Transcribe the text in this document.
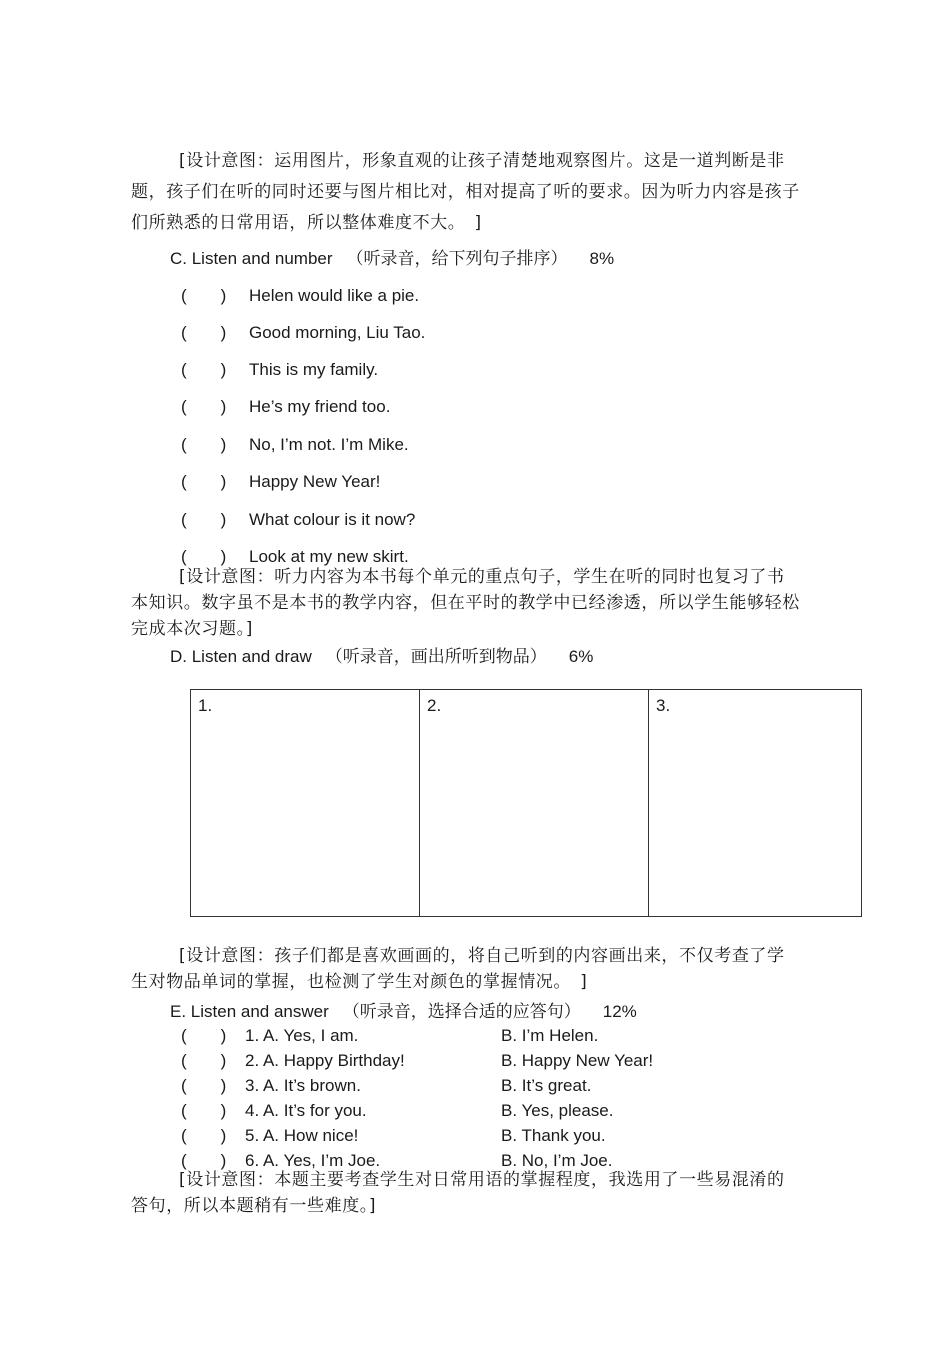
[设计意图：运用图片，形象直观的让孩子清楚地观察图片。这是一道判断是非题，孩子们在听的同时还要与图片相比对，相对提高了听的要求。因为听力内容是孩子们所熟悉的日常用语，所以整体难度不大。　]
C. Listen and number （听录音，给下列句子排序） 8%
(　　) Helen would like a pie.
(　　) Good morning, Liu Tao.
(　　) This is my family.
(　　) He’s my friend too.
(　　) No, I’m not. I’m Mike.
(　　) Happy New Year!
(　　) What colour is it now?
(　　) Look at my new skirt.
[设计意图：听力内容为本书每个单元的重点句子，学生在听的同时也复习了书本知识。数字虽不是本书的教学内容，但在平时的教学中已经渗透，所以学生能够轻松完成本次习题。]
D. Listen and draw （听录音，画出所听到物品） 6%
1.	2.	3.
[设计意图：孩子们都是喜欢画画的，将自己听到的内容画出来，不仅考查了学生对物品单词的掌握，也检测了学生对颜色的掌握情况。　]
E. Listen and answer （听录音，选择合适的应答句） 12%
(　　) 1. A. Yes, I am.	B. I’m Helen.
(　　) 2. A. Happy Birthday!	B. Happy New Year!
(　　) 3. A. It’s brown.	B. It’s great.
(　　) 4. A. It’s for you.	B. Yes, please.
(　　) 5. A. How nice!	B. Thank you.
(　　) 6. A. Yes, I’m Joe.	B. No, I’m Joe.
[设计意图：本题主要考查学生对日常用语的掌握程度，我选用了一些易混淆的答句，所以本题稍有一些难度。]
